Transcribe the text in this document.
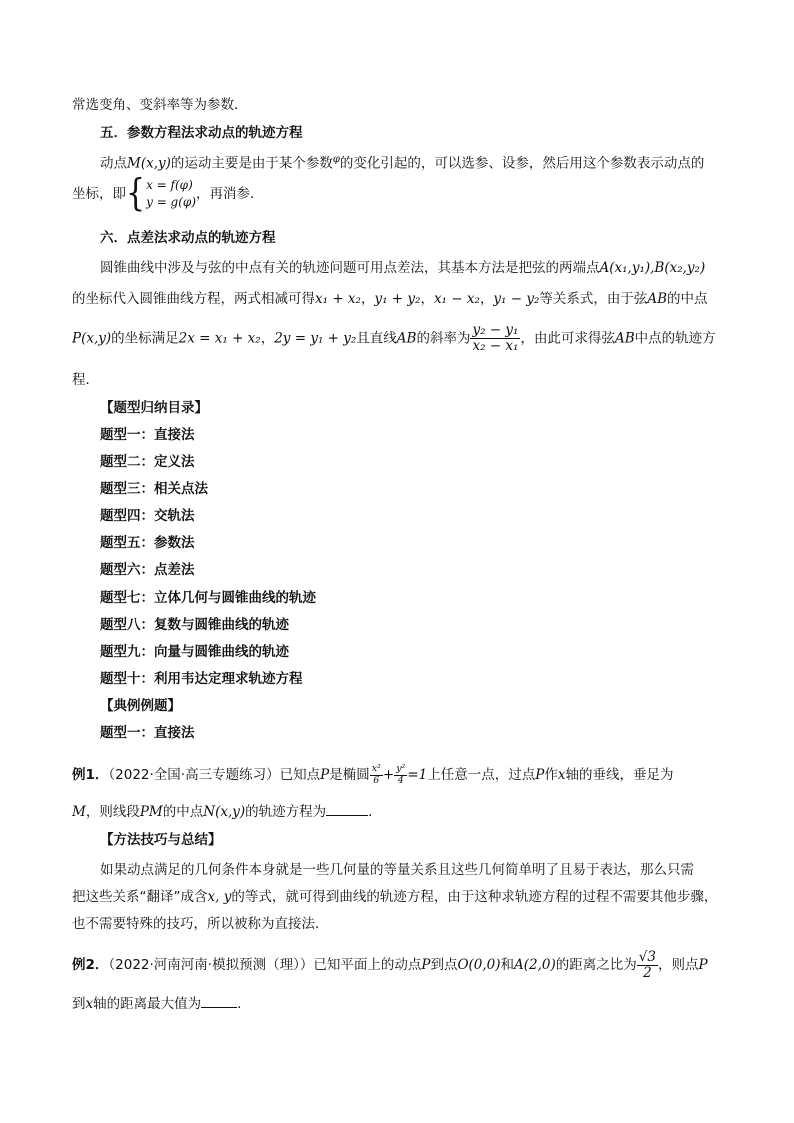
常选变角、变斜率等为参数．
五．参数方程法求动点的轨迹方程
动点M(x,y)的运动主要是由于某个参数$^\varphi$的变化引起的，可以选参、设参，然后用这个参数表示动点的
坐标，即{ x = f(φ)
y = g(φ) ，再消参.
六．点差法求动点的轨迹方程
圆锥曲线中涉及与弦的中点有关的轨迹问题可用点差法，其基本方法是把弦的两端点A(x₁,y₁),B(x₂,y₂)
的坐标代入圆锥曲线方程，两式相减可得x₁ + x₂，y₁ + y₂，x₁ − x₂，y₁ − y₂等关系式，由于弦AB的中点
P(x,y)的坐标满足2x = x₁ + x₂，2y = y₁ + y₂且直线AB的斜率为 $\frac{\text{y₂ − y₁}}{\text{x₂ − x₁}}$ ，由此可求得弦AB中点的轨迹方
程．
【题型归纳目录】
题型一：直接法
题型二：定义法
题型三：相关点法
题型四：交轨法
题型五：参数法
题型六：点差法
题型七：立体几何与圆锥曲线的轨迹
题型八：复数与圆锥曲线的轨迹
题型九：向量与圆锥曲线的轨迹
题型十：利用韦达定理求轨迹方程
【典例例题】
题型一：直接法
例1．（2022·全国·高三专题练习）已知点P是椭圆 $\frac{\text{x²}}{6} + \frac{\text{y²}}{4} =1$上任意一点，过点P作x轴的垂线，垂足为
M，则线段PM的中点N(x,y)的轨迹方程为	．
【方法技巧与总结】
如果动点满足的几何条件本身就是一些几何量的等量关系且这些几何简单明了且易于表达，那么只需
把这些关系“翻译”成含x, y的等式，就可得到曲线的轨迹方程，由于这种求轨迹方程的过程不需要其他步骤，
也不需要特殊的技巧，所以被称为直接法．
例2．（2022·河南河南·模拟预测（理））已知平面上的动点P到点O(0,0)和A(2,0)的距离之比为 $\frac{√3}{2}$ ，则点P
到x轴的距离最大值为	.
